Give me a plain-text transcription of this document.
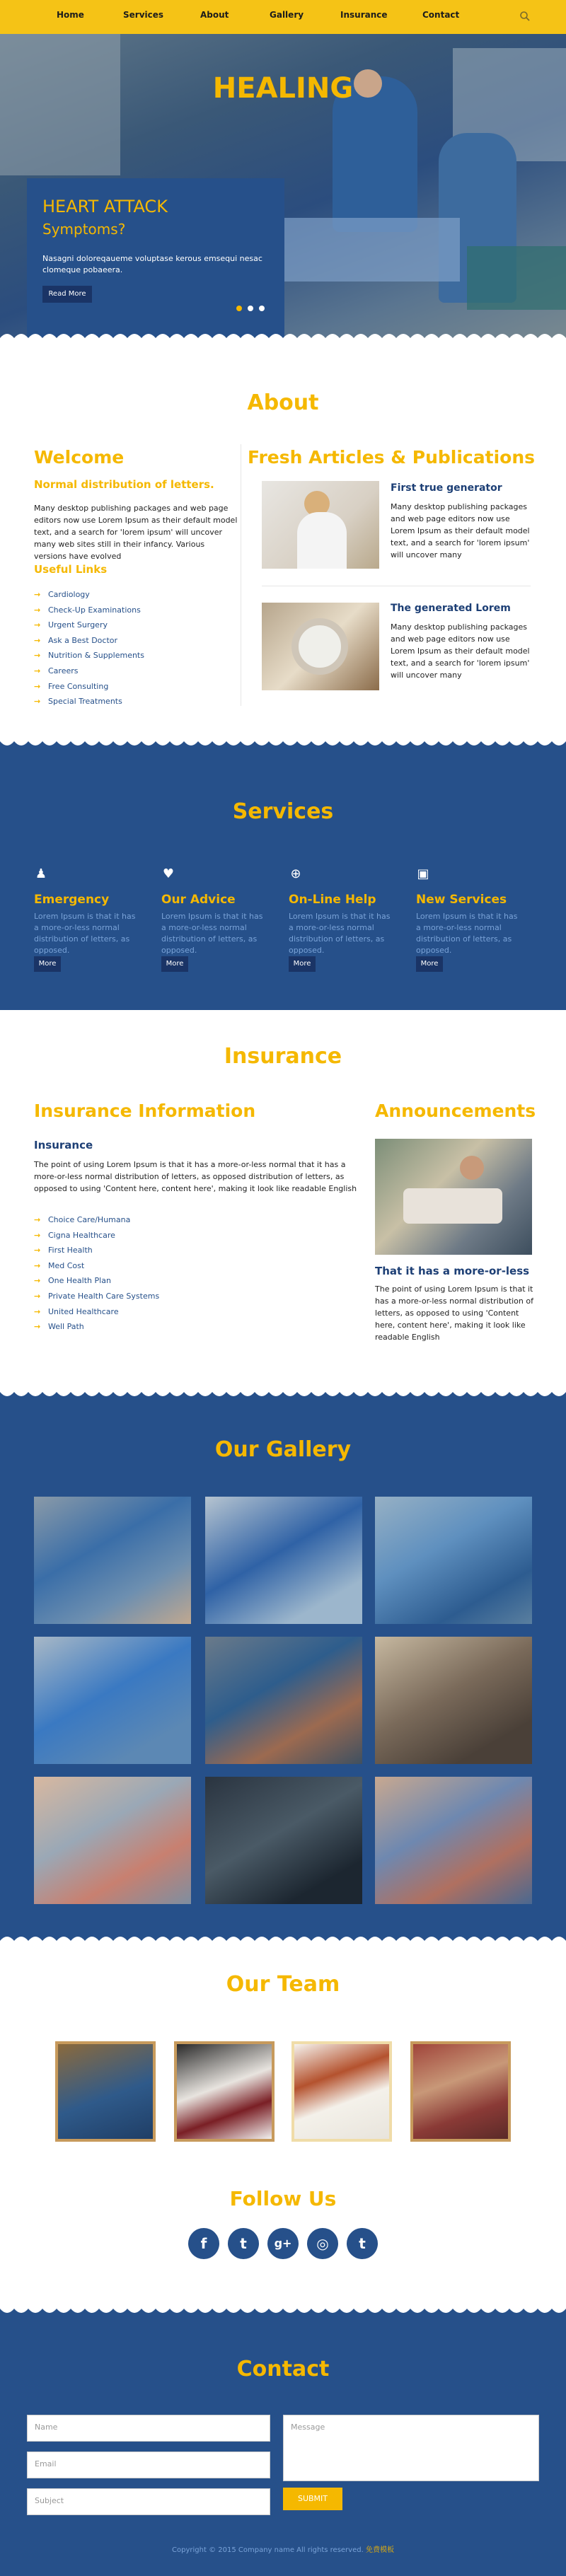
Home	Services	About	Gallery	Insurance	Contact
HEALING
HEART ATTACK
Symptoms?
Nasagni doloreqaueme voluptase kerous emsequi nesac clomeque pobaeerа.
Read More
About
Welcome
Normal distribution of letters.
Many desktop publishing packages and web page editors now use Lorem Ipsum as their default model text, and a search for 'lorem ipsum' will uncover many web sites still in their infancy. Various versions have evolved
Useful Links
→ Cardiology
→ Check-Up Examinations
→ Urgent Surgery
→ Ask a Best Doctor
→ Nutrition & Supplements
→ Careers
→ Free Consulting
→ Special Treatments
Fresh Articles & Publications
First true generator
Many desktop publishing packages and web page editors now use Lorem Ipsum as their default model text, and a search for 'lorem ipsum' will uncover many
The generated Lorem
Many desktop publishing packages and web page editors now use Lorem Ipsum as their default model text, and a search for 'lorem ipsum' will uncover many
Services
♟
Emergency
Lorem Ipsum is that it has a more-or-less normal distribution of letters, as opposed.
More
♥
Our Advice
Lorem Ipsum is that it has a more-or-less normal distribution of letters, as opposed.
More
⊕
On-Line Help
Lorem Ipsum is that it has a more-or-less normal distribution of letters, as opposed.
More
▣
New Services
Lorem Ipsum is that it has a more-or-less normal distribution of letters, as opposed.
More
Insurance
Insurance Information
Insurance
The point of using Lorem Ipsum is that it has a more-or-less normal that it has a more-or-less normal distribution of letters, as opposed distribution of letters, as opposed to using 'Content here, content here', making it look like readable English
→ Choice Care/Humana
→ Cigna Healthcare
→ First Health
→ Med Cost
→ One Health Plan
→ Private Health Care Systems
→ United Healthcare
→ Well Path
Announcements
That it has a more-or-less
The point of using Lorem Ipsum is that it has a more-or-less normal distribution of letters, as opposed to using 'Content here, content here', making it look like readable English
Our Gallery
Our Team
Follow Us
f	t	g+	◎	t
Contact
Name
Email
Subject
Message
SUBMIT
Copyright © 2015 Company name All rights reserved. 免费模板
